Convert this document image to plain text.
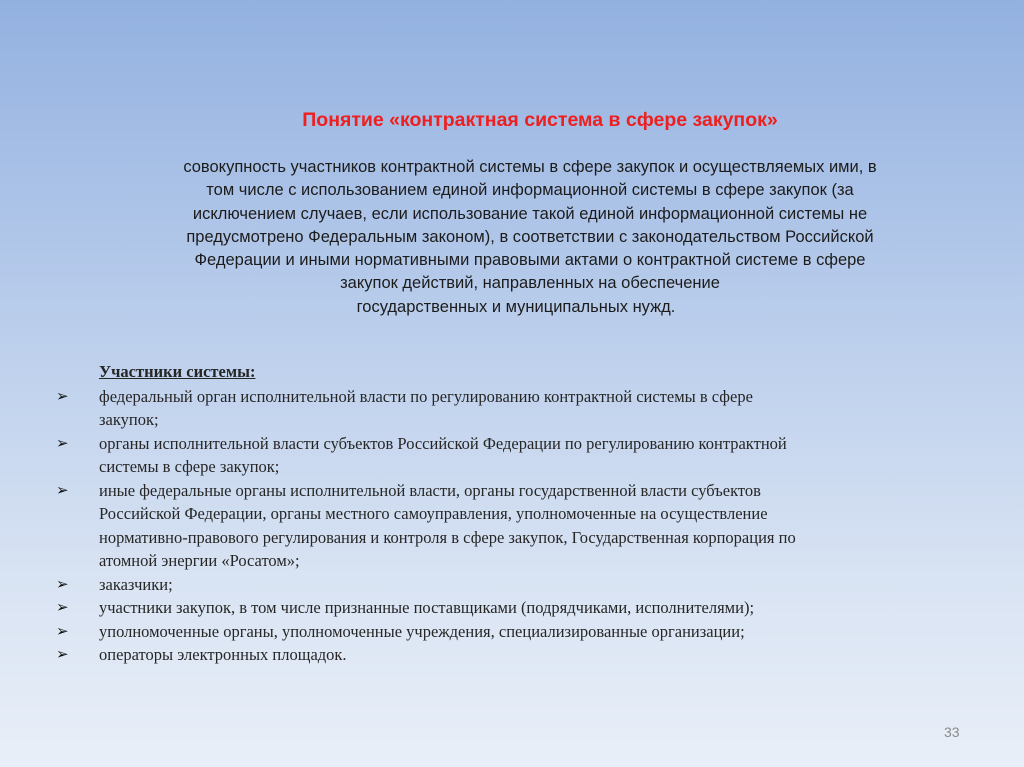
Понятие «контрактная система в сфере закупок»
совокупность участников контрактной системы в сфере закупок и осуществляемых ими, в
том числе с использованием единой информационной системы в сфере закупок (за
исключением случаев, если использование такой единой информационной системы не
предусмотрено Федеральным законом), в соответствии с законодательством Российской
Федерации и иными нормативными правовыми актами о контрактной системе в сфере
закупок действий, направленных на обеспечение
государственных и муниципальных нужд.
Участники системы:
➢	федеральный орган исполнительной власти по регулированию контрактной системы в сфере
закупок;
➢	органы исполнительной власти субъектов Российской Федерации по регулированию контрактной
системы в сфере закупок;
➢	иные федеральные органы исполнительной власти, органы государственной власти субъектов
Российской Федерации, органы местного самоуправления, уполномоченные на осуществление
нормативно-правового регулирования и контроля в сфере закупок, Государственная корпорация по
атомной энергии «Росатом»;
➢	заказчики;
➢	участники закупок, в том числе признанные поставщиками (подрядчиками, исполнителями);
➢	уполномоченные органы, уполномоченные учреждения, специализированные организации;
➢	операторы электронных площадок.
33
